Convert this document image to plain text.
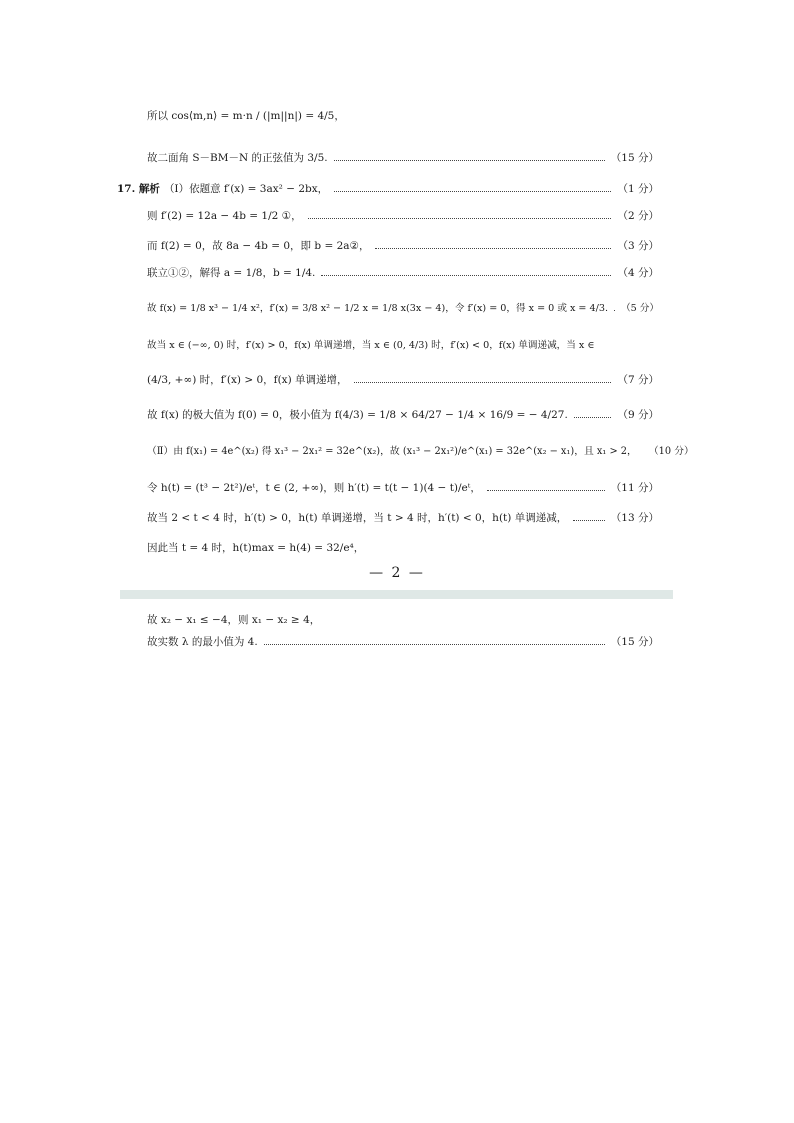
所以 cos⟨m,n⟩ = m·n / (|m||n|) = 4/5，
故二面角 S－BM－N 的正弦值为 3/5.	（15 分）
17. 解析 （Ⅰ）依题意 f′(x) = 3ax² − 2bx，	（1 分）
则 f′(2) = 12a − 4b = 1/2 ①，	（2 分）
而 f(2) = 0，故 8a − 4b = 0，即 b = 2a②，	（3 分）
联立①②，解得 a = 1/8，b = 1/4.	（4 分）
故 f(x) = 1/8 x³ − 1/4 x²，f′(x) = 3/8 x² − 1/2 x = 1/8 x(3x − 4)，令 f′(x) = 0，得 x = 0 或 x = 4/3. （5 分）
故当 x ∈ (−∞, 0) 时，f′(x) > 0，f(x) 单调递增，当 x ∈ (0, 4/3) 时，f′(x) < 0，f(x) 单调递减，当 x ∈
(4/3, +∞) 时，f′(x) > 0，f(x) 单调递增，	（7 分）
故 f(x) 的极大值为 f(0) = 0，极小值为 f(4/3) = 1/8 × 64/27 − 1/4 × 16/9 = − 4/27.	（9 分）
（Ⅱ）由 f(x₁) = 4e^(x₂) 得 x₁³ − 2x₁² = 32e^(x₂)，故 (x₁³ − 2x₁²)/e^(x₁) = 32e^(x₂ − x₁)，且 x₁ > 2， （10 分）
令 h(t) = (t³ − 2t²)/eᵗ，t ∈ (2, +∞)，则 h′(t) = t(t − 1)(4 − t)/eᵗ，	（11 分）
故当 2 < t < 4 时，h′(t) > 0，h(t) 单调递增，当 t > 4 时，h′(t) < 0，h(t) 单调递减，	（13 分）
因此当 t = 4 时，h(t)max = h(4) = 32/e⁴，
— 2 —
故 x₂ − x₁ ≤ −4，则 x₁ − x₂ ≥ 4，
故实数 λ 的最小值为 4.	（15 分）
